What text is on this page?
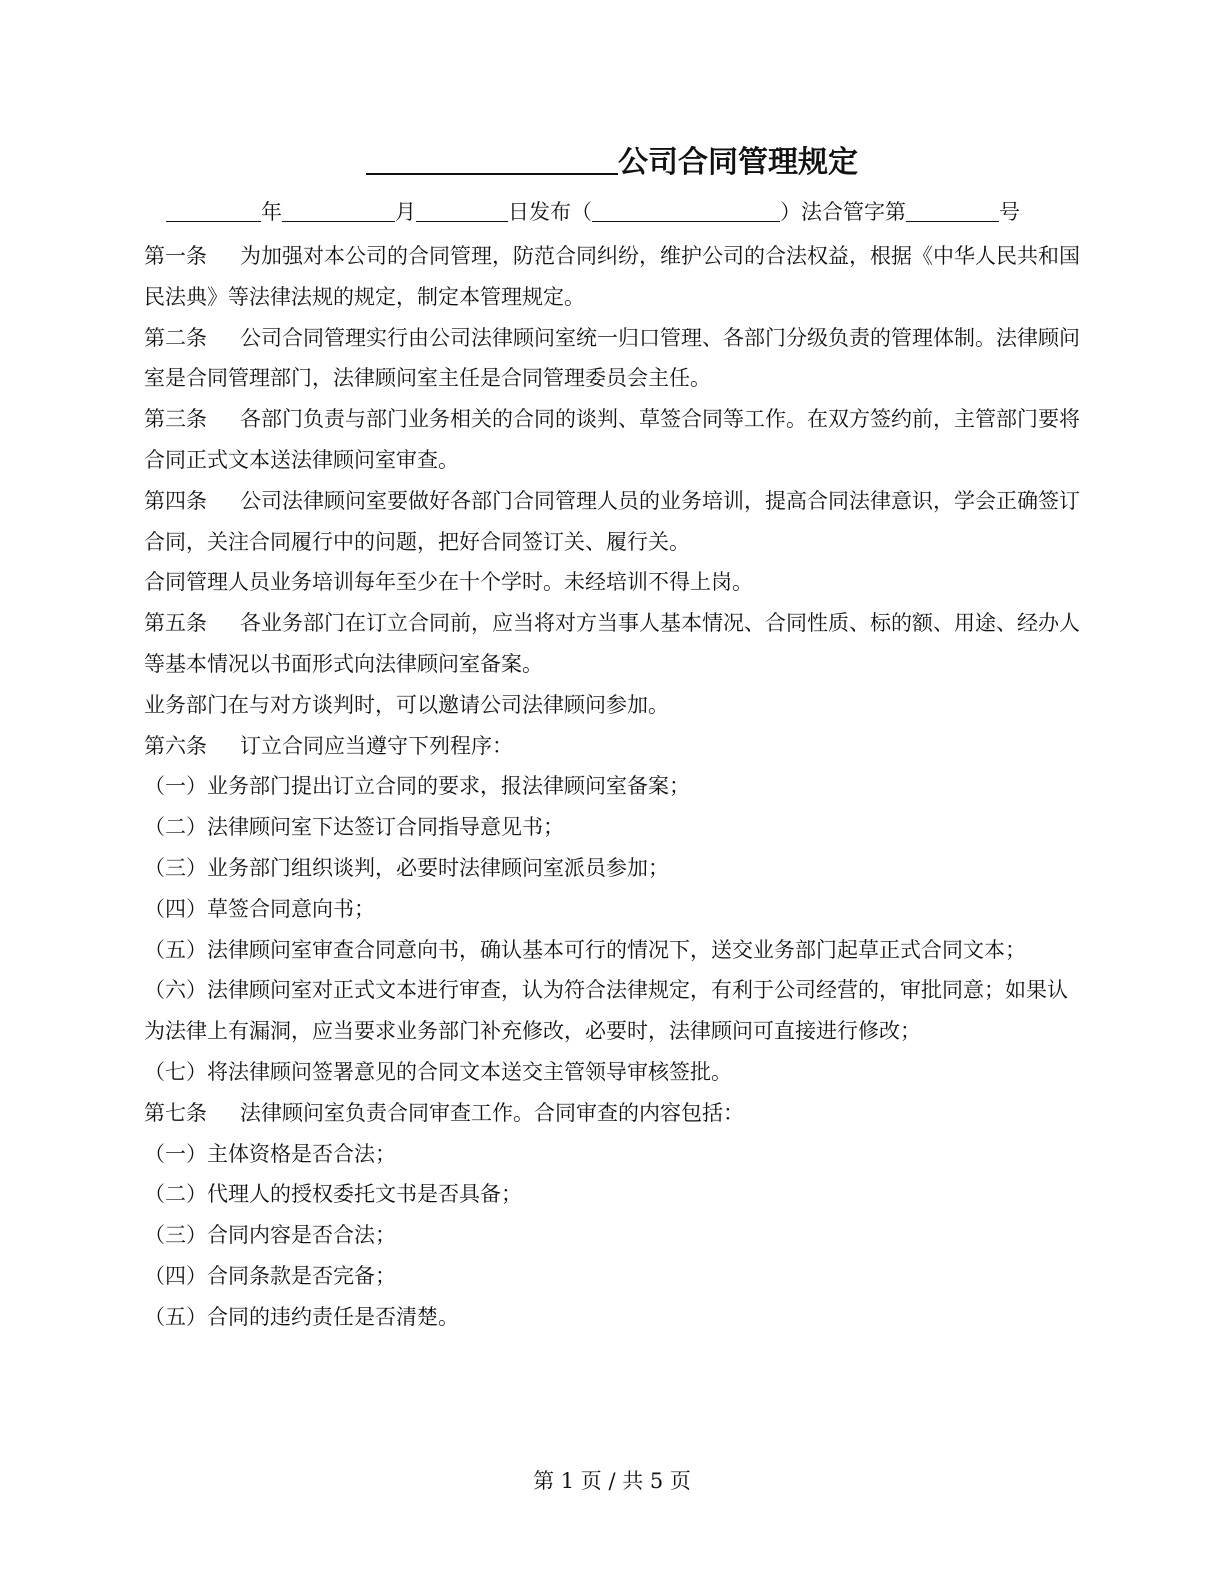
公司合同管理规定
年	月	日发布（	）法合管字第	号

第一条 为加强对本公司的合同管理，防范合同纠纷，维护公司的合法权益，根据《中华人民共和国民法典》等法律法规的规定，制定本管理规定。

第二条 公司合同管理实行由公司法律顾问室统一归口管理、各部门分级负责的管理体制。法律顾问室是合同管理部门，法律顾问室主任是合同管理委员会主任。

第三条 各部门负责与部门业务相关的合同的谈判、草签合同等工作。在双方签约前，主管部门要将合同正式文本送法律顾问室审查。

第四条 公司法律顾问室要做好各部门合同管理人员的业务培训，提高合同法律意识，学会正确签订合同，关注合同履行中的问题，把好合同签订关、履行关。

合同管理人员业务培训每年至少在十个学时。未经培训不得上岗。

第五条 各业务部门在订立合同前，应当将对方当事人基本情况、合同性质、标的额、用途、经办人等基本情况以书面形式向法律顾问室备案。

业务部门在与对方谈判时，可以邀请公司法律顾问参加。

第六条 订立合同应当遵守下列程序：

（一）业务部门提出订立合同的要求，报法律顾问室备案；

（二）法律顾问室下达签订合同指导意见书；

（三）业务部门组织谈判，必要时法律顾问室派员参加；

（四）草签合同意向书；

（五）法律顾问室审查合同意向书，确认基本可行的情况下，送交业务部门起草正式合同文本；

（六）法律顾问室对正式文本进行审查，认为符合法律规定，有利于公司经营的，审批同意；如果认为法律上有漏洞，应当要求业务部门补充修改，必要时，法律顾问可直接进行修改；

（七）将法律顾问签署意见的合同文本送交主管领导审核签批。

第七条 法律顾问室负责合同审查工作。合同审查的内容包括：

（一）主体资格是否合法；

（二）代理人的授权委托文书是否具备；

（三）合同内容是否合法；

（四）合同条款是否完备；

（五）合同的违约责任是否清楚。

第 1 页 / 共 5 页
